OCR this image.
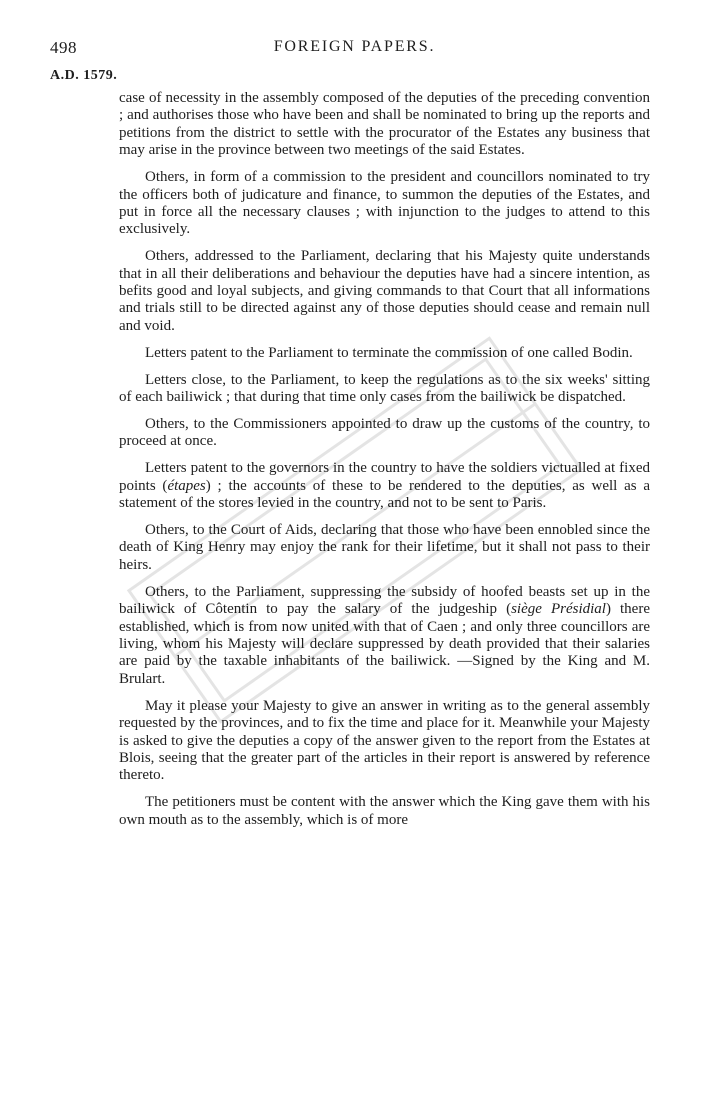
498	FOREIGN PAPERS.
A.D. 1579.

case of necessity in the assembly composed of the deputies of the preceding convention ; and authorises those who have been and shall be nominated to bring up the reports and petitions from the district to settle with the procurator of the Estates any business that may arise in the province between two meetings of the said Estates.

Others, in form of a commission to the president and councillors nominated to try the officers both of judicature and finance, to summon the deputies of the Estates, and put in force all the necessary clauses ; with injunction to the judges to attend to this exclusively.

Others, addressed to the Parliament, declaring that his Majesty quite understands that in all their deliberations and behaviour the deputies have had a sincere intention, as befits good and loyal subjects, and giving commands to that Court that all informations and trials still to be directed against any of those deputies should cease and remain null and void.

Letters patent to the Parliament to terminate the commission of one called Bodin.

Letters close, to the Parliament, to keep the regulations as to the six weeks' sitting of each bailiwick ; that during that time only cases from the bailiwick be dispatched.

Others, to the Commissioners appointed to draw up the customs of the country, to proceed at once.

Letters patent to the governors in the country to have the soldiers victualled at fixed points (étapes) ; the accounts of these to be rendered to the deputies, as well as a statement of the stores levied in the country, and not to be sent to Paris.

Others, to the Court of Aids, declaring that those who have been ennobled since the death of King Henry may enjoy the rank for their lifetime, but it shall not pass to their heirs.

Others, to the Parliament, suppressing the subsidy of hoofed beasts set up in the bailiwick of Côtentin to pay the salary of the judgeship (siège Présidial) there established, which is from now united with that of Caen ; and only three councillors are living, whom his Majesty will declare suppressed by death provided that their salaries are paid by the taxable inhabitants of the bailiwick. —Signed by the King and M. Brulart.

May it please your Majesty to give an answer in writing as to the general assembly requested by the provinces, and to fix the time and place for it. Meanwhile your Majesty is asked to give the deputies a copy of the answer given to the report from the Estates at Blois, seeing that the greater part of the articles in their report is answered by reference thereto.

The petitioners must be content with the answer which the King gave them with his own mouth as to the assembly, which is of more
